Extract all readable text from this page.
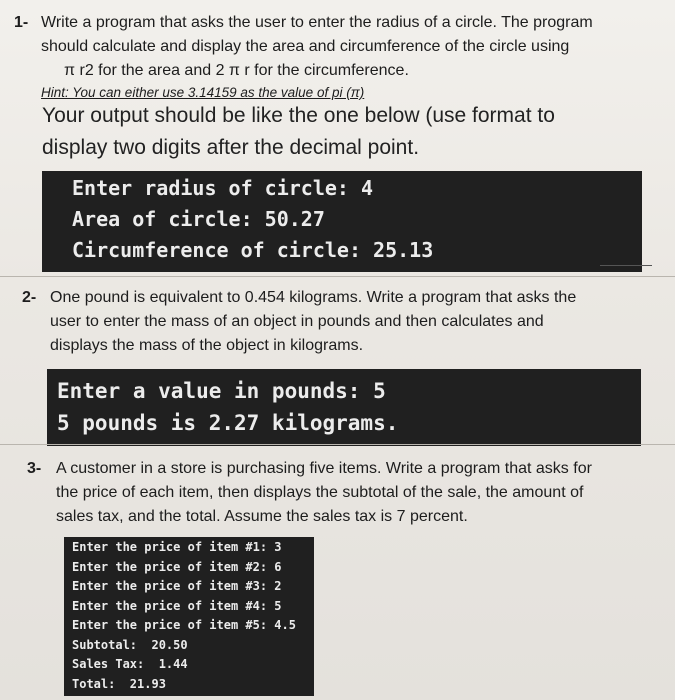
1- Write a program that asks the user to enter the radius of a circle. The program
should calculate and display the area and circumference of the circle using
π r2 for the area and 2 π r for the circumference.
Hint: You can either use 3.14159 as the value of pi (π)
Your output should be like the one below (use format to
display two digits after the decimal point.
Enter radius of circle: 4
Area of circle: 50.27
Circumference of circle: 25.13
2- One pound is equivalent to 0.454 kilograms. Write a program that asks the
user to enter the mass of an object in pounds and then calculates and
displays the mass of the object in kilograms.
Enter a value in pounds: 5
5 pounds is 2.27 kilograms.
3- A customer in a store is purchasing five items. Write a program that asks for
the price of each item, then displays the subtotal of the sale, the amount of
sales tax, and the total. Assume the sales tax is 7 percent.
Enter the price of item #1: 3
Enter the price of item #2: 6
Enter the price of item #3: 2
Enter the price of item #4: 5
Enter the price of item #5: 4.5
Subtotal:  20.50
Sales Tax:  1.44
Total:  21.93
